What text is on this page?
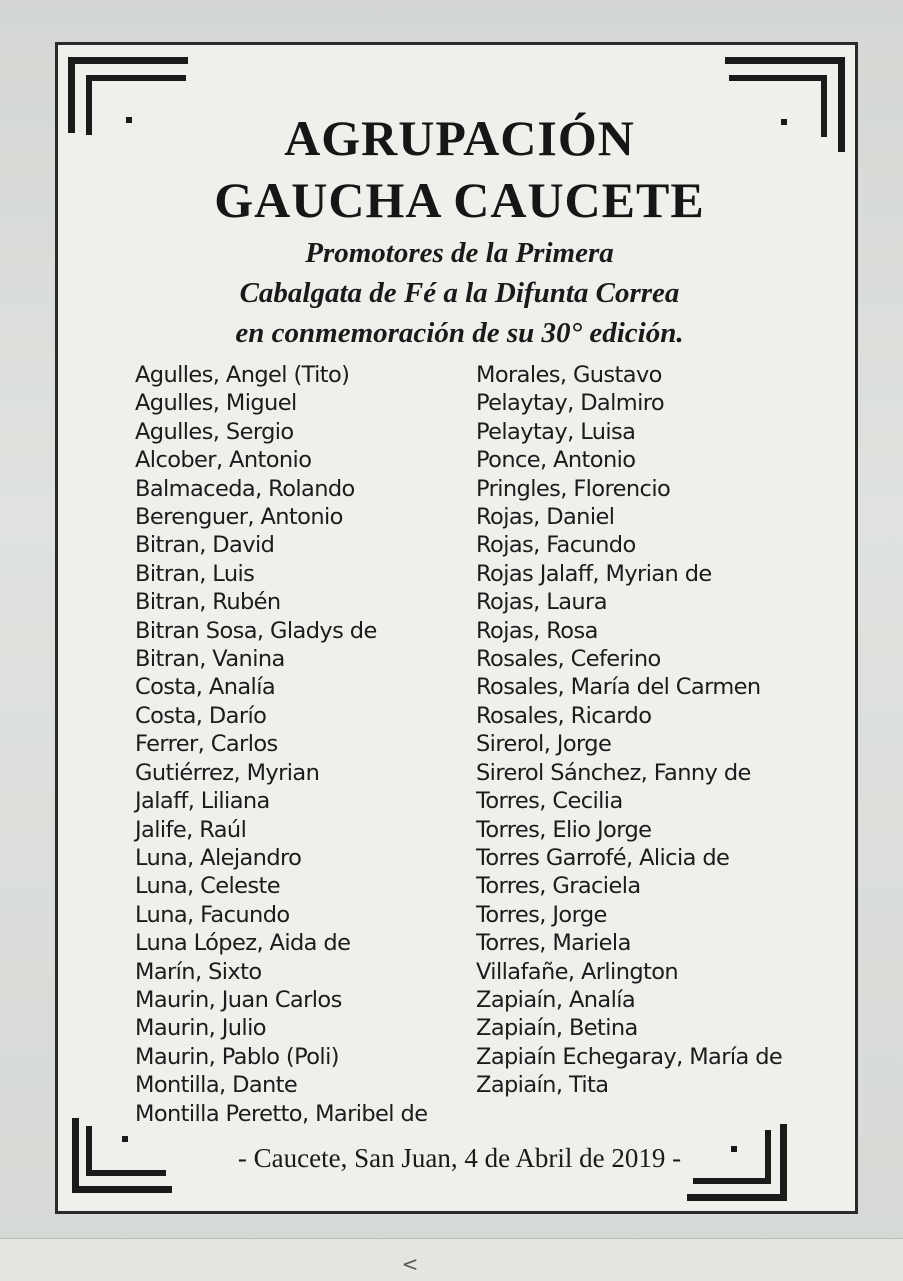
AGRUPACIÓN
GAUCHA CAUCETE

Promotores de la Primera

Cabalgata de Fé a la Difunta Correa

en conmemoración de su 30° edición.

Agulles, Angel (Tito)
Agulles, Miguel
Agulles, Sergio
Alcober, Antonio
Balmaceda, Rolando
Berenguer, Antonio
Bitran, David
Bitran, Luis
Bitran, Rubén
Bitran Sosa, Gladys de
Bitran, Vanina
Costa, Analía
Costa, Darío
Ferrer, Carlos
Gutiérrez, Myrian
Jalaff, Liliana
Jalife, Raúl
Luna, Alejandro
Luna, Celeste
Luna, Facundo
Luna López, Aida de
Marín, Sixto
Maurin, Juan Carlos
Maurin, Julio
Maurin, Pablo (Poli)
Montilla, Dante
Montilla Peretto, Maribel de
Morales, Gustavo
Pelaytay, Dalmiro
Pelaytay, Luisa
Ponce, Antonio
Pringles, Florencio
Rojas, Daniel
Rojas, Facundo
Rojas Jalaff, Myrian de
Rojas, Laura
Rojas, Rosa
Rosales, Ceferino
Rosales, María del Carmen
Rosales, Ricardo
Sirerol, Jorge
Sirerol Sánchez, Fanny de
Torres, Cecilia
Torres, Elio Jorge
Torres Garrofé, Alicia de
Torres, Graciela
Torres, Jorge
Torres, Mariela
Villafañe, Arlington
Zapiaín, Analía
Zapiaín, Betina
Zapiaín Echegaray, María de
Zapiaín, Tita

- Caucete, San Juan, 4 de Abril de 2019 -

<
